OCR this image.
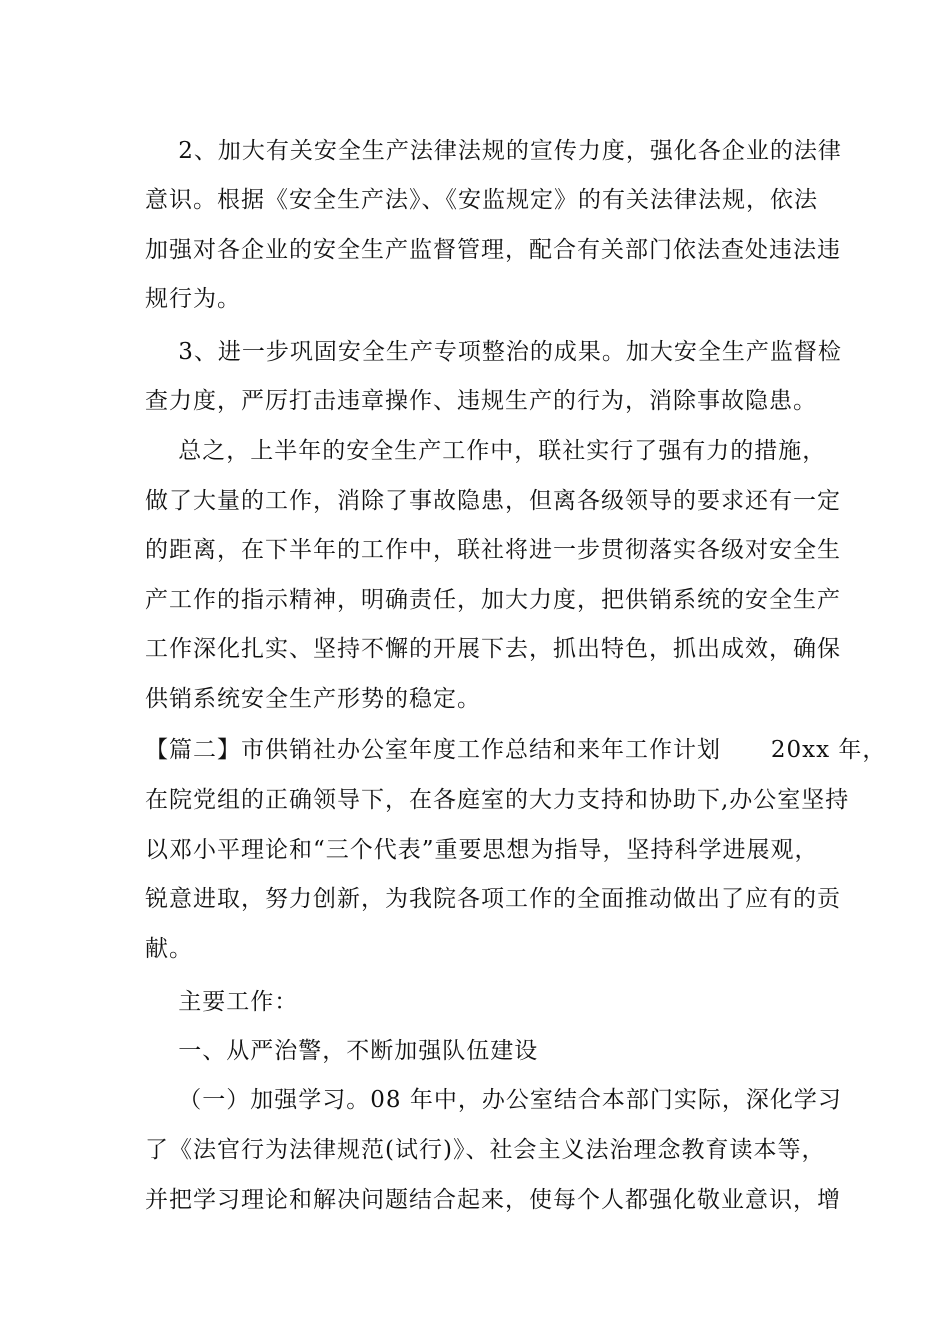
2、加大有关安全生产法律法规的宣传力度，强化各企业的法律
意识。根据《安全生产法》、《安监规定》的有关法律法规，依法
加强对各企业的安全生产监督管理，配合有关部门依法查处违法违
规行为。
3、进一步巩固安全生产专项整治的成果。加大安全生产监督检
查力度，严厉打击违章操作、违规生产的行为，消除事故隐患。
总之，上半年的安全生产工作中，联社实行了强有力的措施，
做了大量的工作，消除了事故隐患，但离各级领导的要求还有一定
的距离，在下半年的工作中，联社将进一步贯彻落实各级对安全生
产工作的指示精神，明确责任，加大力度，把供销系统的安全生产
工作深化扎实、坚持不懈的开展下去，抓出特色，抓出成效，确保
供销系统安全生产形势的稳定。
【篇二】市供销社办公室年度工作总结和来年工作计划      20xx 年，
在院党组的正确领导下，在各庭室的大力支持和协助下,办公室坚持
以邓小平理论和“三个代表”重要思想为指导，坚持科学进展观，
锐意进取，努力创新，为我院各项工作的全面推动做出了应有的贡
献。
主要工作：
一、从严治警，不断加强队伍建设
（一）加强学习。08 年中，办公室结合本部门实际，深化学习
了《法官行为法律规范(试行)》、社会主义法治理念教育读本等，
并把学习理论和解决问题结合起来，使每个人都强化敬业意识，增
